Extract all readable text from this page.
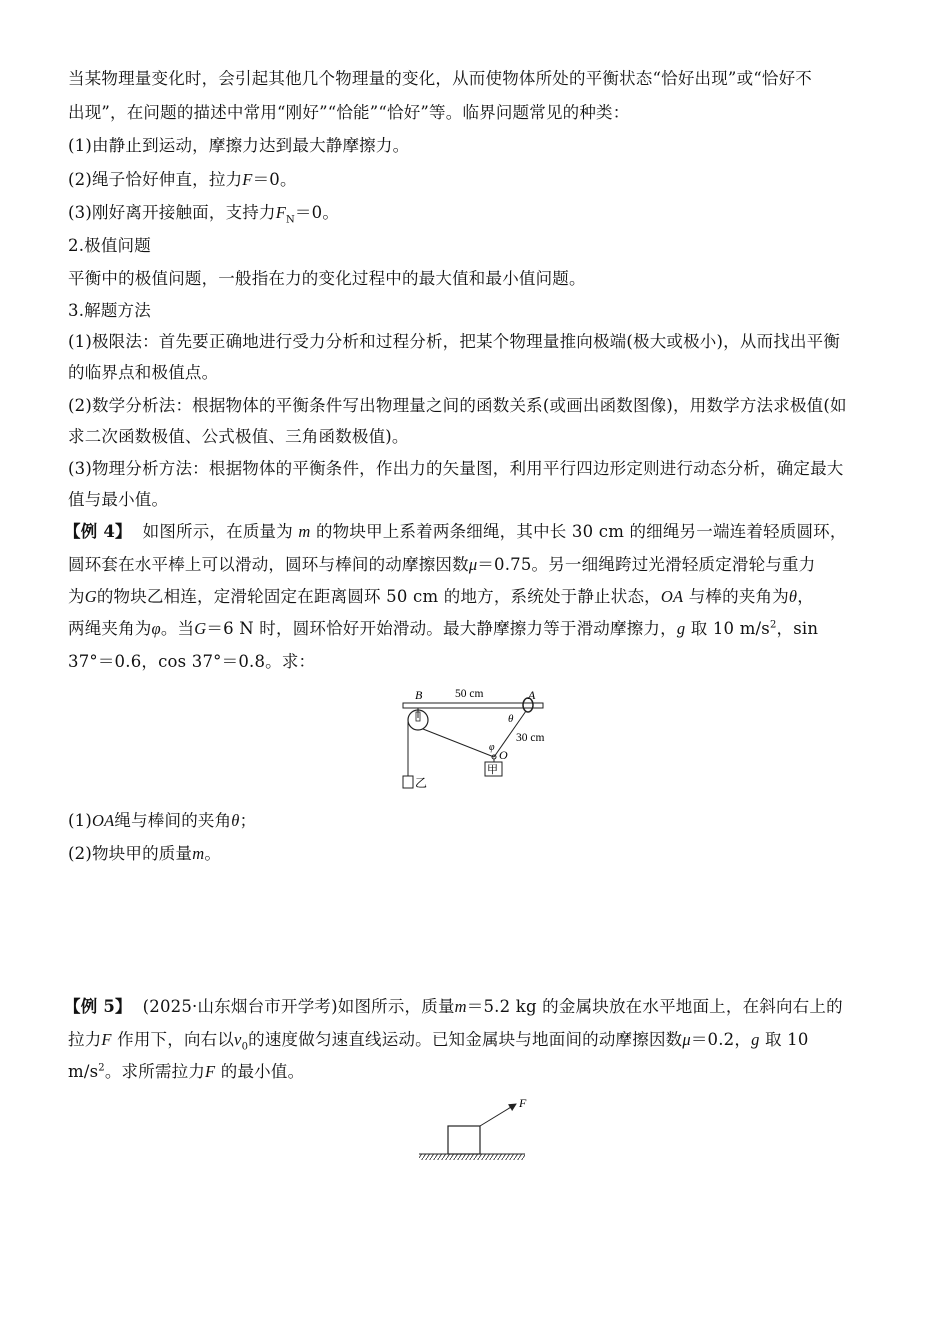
当某物理量变化时，会引起其他几个物理量的变化，从而使物体所处的平衡状态“恰好出现”或“恰好不
出现”，在问题的描述中常用“刚好”“恰能”“恰好”等。临界问题常见的种类：
(1)由静止到运动，摩擦力达到最大静摩擦力。
(2)绳子恰好伸直，拉力F＝0。
(3)刚好离开接触面，支持力$F_N=0$。
2.极值问题
平衡中的极值问题，一般指在力的变化过程中的最大值和最小值问题。
3.解题方法
(1)极限法：首先要正确地进行受力分析和过程分析，把某个物理量推向极端(极大或极小)，从而找出平衡
的临界点和极值点。
(2)数学分析法：根据物体的平衡条件写出物理量之间的函数关系(或画出函数图像)，用数学方法求极值(如
求二次函数极值、公式极值、三角函数极值)。
(3)物理分析方法：根据物体的平衡条件，作出力的矢量图，利用平行四边形定则进行动态分析，确定最大
值与最小值。
【例 4】 如图所示，在质量为 m 的物块甲上系着两条细绳，其中长 30 cm 的细绳另一端连着轻质圆环，
圆环套在水平棒上可以滑动，圆环与棒间的动摩擦因数μ＝0.75。另一细绳跨过光滑轻质定滑轮与重力
为G的物块乙相连，定滑轮固定在距离圆环 50 cm 的地方，系统处于静止状态，OA 与棒的夹角为θ，
两绳夹角为φ。当G＝6 N 时，圆环恰好开始滑动。最大静摩擦力等于滑动摩擦力，g 取 10 $m/s^2$，sin
37°＝0.6，cos 37°＝0.8。求：
B	50 cm	A
θ
30 cm
φ
O
甲
乙
(1)OA绳与棒间的夹角θ；
(2)物块甲的质量m。
【例 5】 (2025·山东烟台市开学考)如图所示，质量m＝5.2 kg 的金属块放在水平地面上，在斜向右上的
拉力F 作用下，向右以$v_0$的速度做匀速直线运动。已知金属块与地面间的动摩擦因数μ＝0.2，g 取 10
$m/s^2$。求所需拉力F 的最小值。
F
